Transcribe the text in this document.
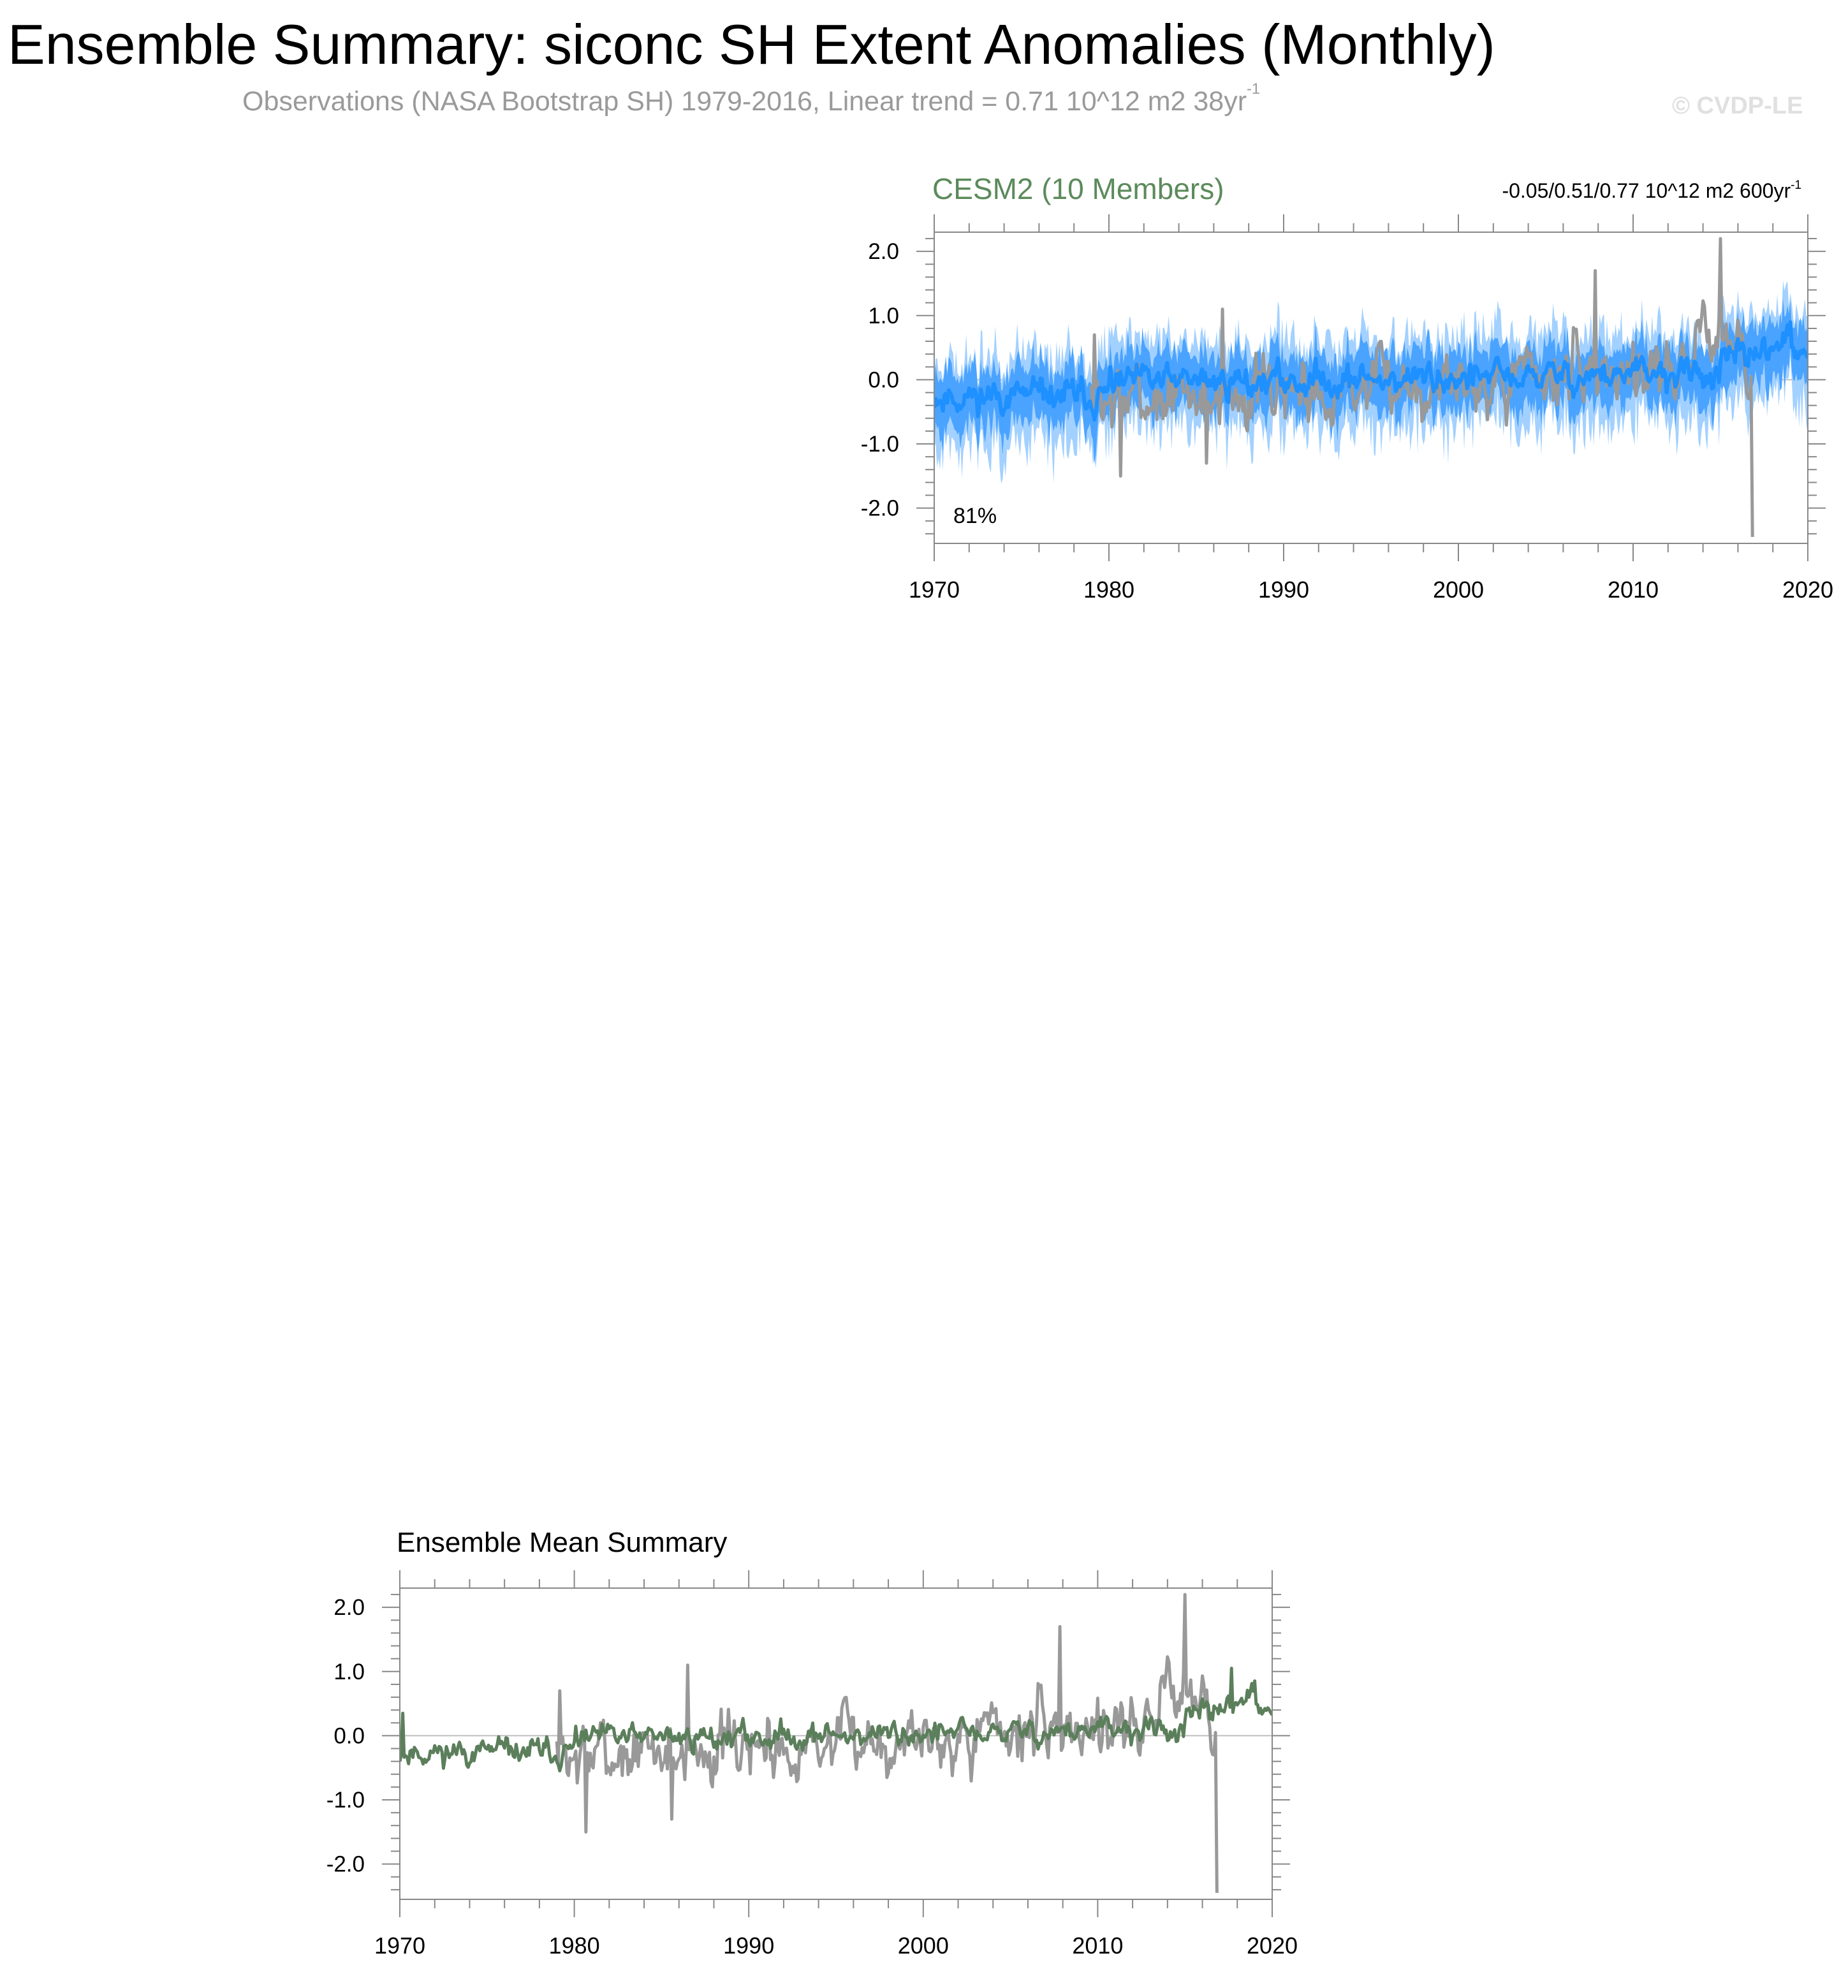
Ensemble Summary: siconc SH Extent Anomalies (Monthly)
Observations (NASA Bootstrap SH) 1979-2016, Linear trend = 0.71 10^12 m2 $38yr^{-1}$
© CVDP-LE
CESM2 (10 Members)	-0.05/0.51/0.77 10^12 m2 $600yr^{-1}$
1970	1980	1990	2000	2010	2020
2.0
1.0
0.0
-1.0
-2.0	81%
Ensemble Mean Summary
1970	1980	1990	2000	2010	2020
2.0
1.0
0.0
-1.0
-2.0
